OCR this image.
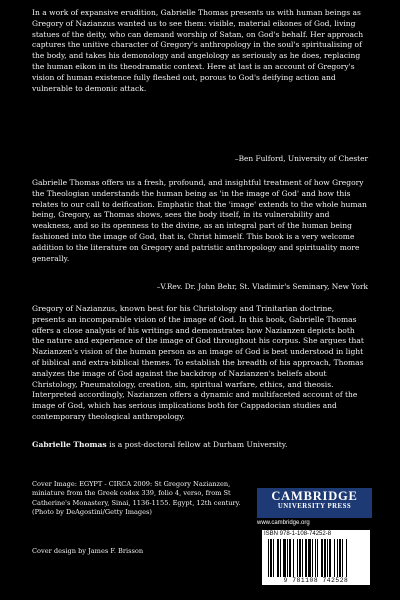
In a work of expansive erudition, Gabrielle Thomas presents us with human beings as Gregory of Nazianzus wanted us to see them: visible, material eikones of God, living statues of the deity, who can demand worship of Satan, on God's behalf. Her approach captures the unitive character of Gregory's anthropology in the soul's spiritualising of the body, and takes his demonology and angelology as seriously as he does, replacing the human eikon in its theodramatic context. Here at last is an account of Gregory's vision of human existence fully fleshed out, porous to God's deifying action and vulnerable to demonic attack.

–Ben Fulford, University of Chester

Gabrielle Thomas offers us a fresh, profound, and insightful treatment of how Gregory the Theologian understands the human being as 'in the image of God' and how this relates to our call to deification. Emphatic that the 'image' extends to the whole human being, Gregory, as Thomas shows, sees the body itself, in its vulnerability and weakness, and so its openness to the divine, as an integral part of the human being fashioned into the image of God, that is, Christ himself. This book is a very welcome addition to the literature on Gregory and patristic anthropology and spirituality more generally.

–V.Rev. Dr. John Behr, St. Vladimir's Seminary, New York

Gregory of Nazianzus, known best for his Christology and Trinitarian doctrine, presents an incomparable vision of the image of God. In this book, Gabrielle Thomas offers a close analysis of his writings and demonstrates how Nazianzen depicts both the nature and experience of the image of God throughout his corpus. She argues that Nazianzen's vision of the human person as an image of God is best understood in light of biblical and extra-biblical themes. To establish the breadth of his approach, Thomas analyzes the image of God against the backdrop of Nazianzen's beliefs about Christology, Pneumatology, creation, sin, spiritual warfare, ethics, and theosis. Interpreted accordingly, Nazianzen offers a dynamic and multifaceted account of the image of God, which has serious implications both for Cappadocian studies and contemporary theological anthropology.

Gabrielle Thomas is a post-doctoral fellow at Durham University.

Cover Image: EGYPT - CIRCA 2009: St Gregory Nazianzen, miniature from the Greek codex 339, folio 4, verso, from St Catherine's Monastery, Sinai, 1136-1155. Egypt, 12th century. (Photo by DeAgostini/Getty Images)

Cover design by James F. Brisson

CAMBRIDGE
UNIVERSITY PRESS
www.cambridge.org
ISBN 978-1-108-74252-8
9 781108 742528
